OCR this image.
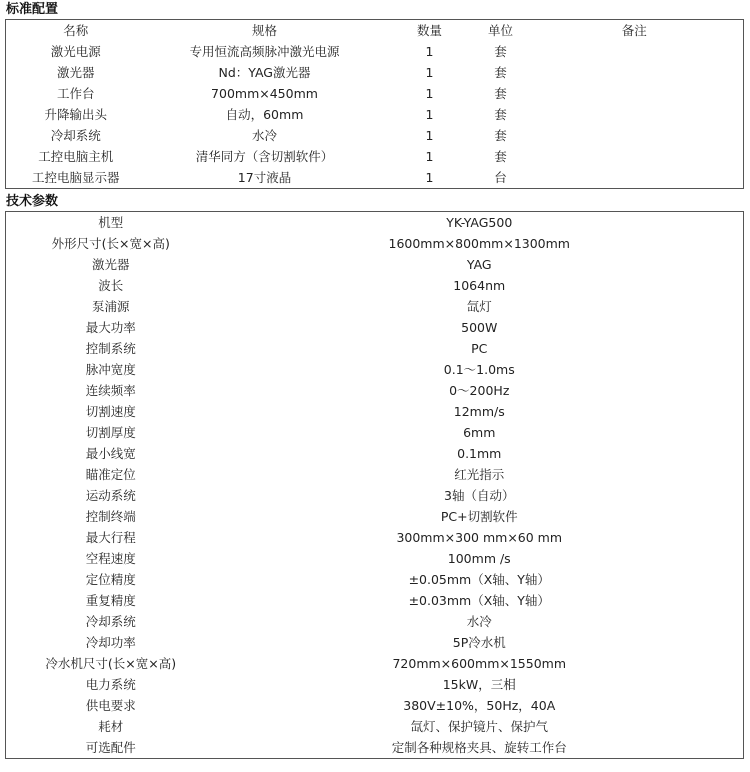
标准配置
名称	规格	数量	单位	备注
激光电源	专用恒流高频脉冲激光电源	1	套	
激光器	Nd：YAG激光器	1	套	
工作台	700mm×450mm	1	套	
升降输出头	自动，60mm	1	套	
冷却系统	水冷	1	套	
工控电脑主机	清华同方（含切割软件）	1	套	
工控电脑显示器	17寸液晶	1	台	
技术参数
机型	YK-YAG500
外形尺寸(长×宽×高)	1600mm×800mm×1300mm
激光器	YAG
波长	1064nm
泵浦源	氙灯
最大功率	500W
控制系统	PC
脉冲宽度	0.1～1.0ms
连续频率	0～200Hz
切割速度	12mm/s
切割厚度	6mm
最小线宽	0.1mm
瞄准定位	红光指示
运动系统	3轴（自动）
控制终端	PC+切割软件
最大行程	300mm×300 mm×60 mm
空程速度	100mm /s
定位精度	±0.05mm（X轴、Y轴）
重复精度	±0.03mm（X轴、Y轴）
冷却系统	水冷
冷却功率	5P冷水机
冷水机尺寸(长×宽×高)	720mm×600mm×1550mm
电力系统	15kW，三相
供电要求	380V±10%，50Hz，40A
耗材	氙灯、保护镜片、保护气
可选配件	定制各种规格夹具、旋转工作台
